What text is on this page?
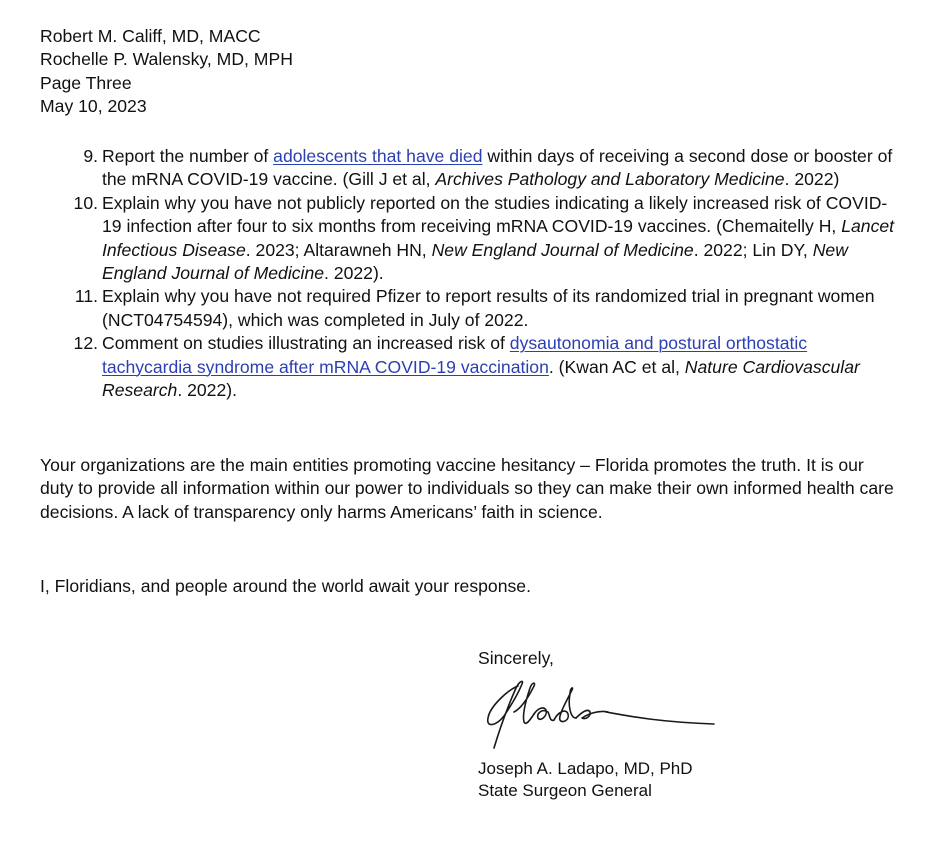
Robert M. Califf, MD, MACC
Rochelle P. Walensky, MD, MPH
Page Three
May 10, 2023
9. Report the number of adolescents that have died within days of receiving a second dose or booster of the mRNA COVID-19 vaccine. (Gill J et al, Archives Pathology and Laboratory Medicine. 2022)
10. Explain why you have not publicly reported on the studies indicating a likely increased risk of COVID-19 infection after four to six months from receiving mRNA COVID-19 vaccines. (Chemaitelly H, Lancet Infectious Disease. 2023; Altarawneh HN, New England Journal of Medicine. 2022; Lin DY, New England Journal of Medicine. 2022).
11. Explain why you have not required Pfizer to report results of its randomized trial in pregnant women (NCT04754594), which was completed in July of 2022.
12. Comment on studies illustrating an increased risk of dysautonomia and postural orthostatic tachycardia syndrome after mRNA COVID-19 vaccination. (Kwan AC et al, Nature Cardiovascular Research. 2022).
Your organizations are the main entities promoting vaccine hesitancy – Florida promotes the truth. It is our duty to provide all information within our power to individuals so they can make their own informed health care decisions. A lack of transparency only harms Americans’ faith in science.
I, Floridians, and people around the world await your response.
Sincerely,
Joseph A. Ladapo, MD, PhD
State Surgeon General
